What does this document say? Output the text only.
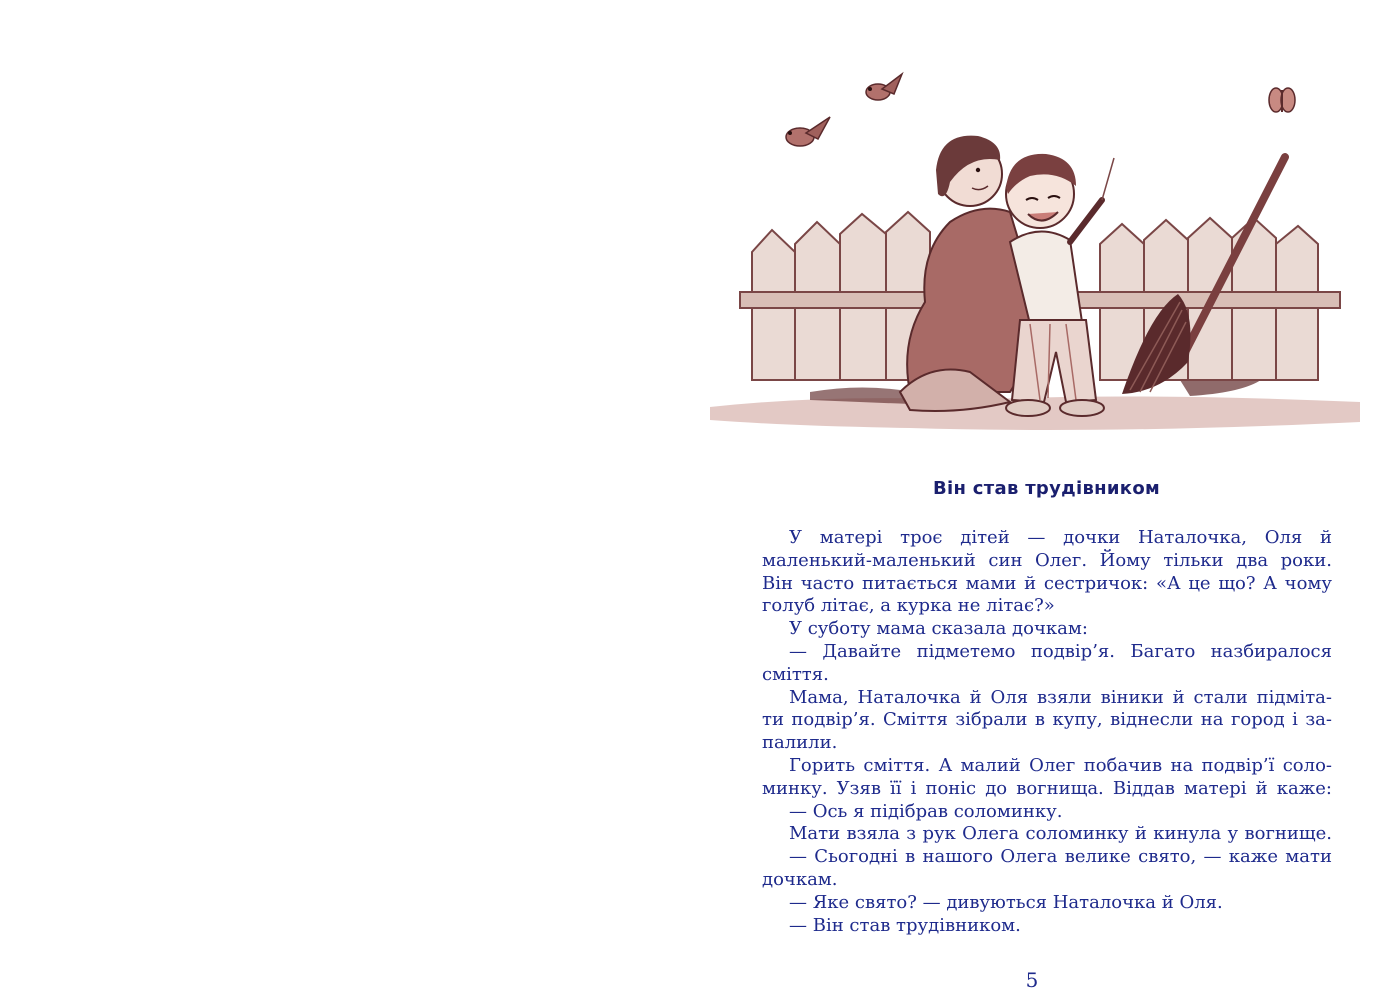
Він став трудівником
У матері троє дітей — дочки Наталочка, Оля й
маленький-маленький син Олег. Йому тільки два роки.
Він часто питається мами й сестричок: «А це що? А чому
голуб літає, а курка не літає?»
У суботу мама сказала дочкам:
— Давайте підметемо подвір’я. Багато назбиралося
сміття.
Мама, Наталочка й Оля взяли віники й стали підміта-
ти подвір’я. Сміття зібрали в купу, віднесли на город і за-
палили.
Горить сміття. А малий Олег побачив на подвір’ї соло-
минку. Узяв її і поніс до вогнища. Віддав матері й каже:
— Ось я підібрав соломинку.
Мати взяла з рук Олега соломинку й кинула у вогнище.
— Сьогодні в нашого Олега велике свято, — каже мати
дочкам.
— Яке свято? — дивуються Наталочка й Оля.
— Він став трудівником.
5
